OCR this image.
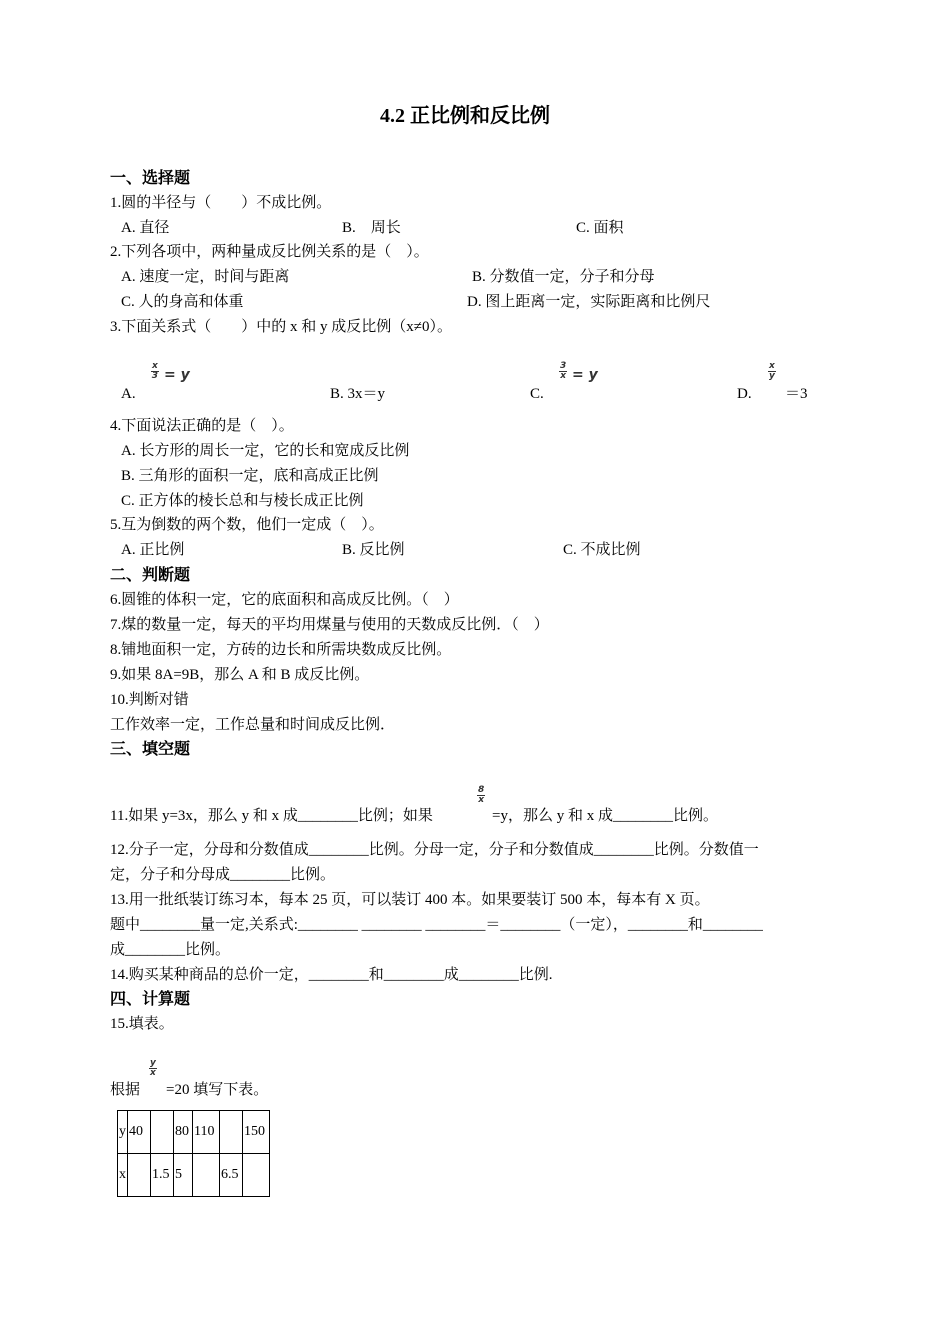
4.2 正比例和反比例
一、选择题
1.圆的半径与（　　）不成比例。
A. 直径	B.　周长	C. 面积
2.下列各项中，两种量成反比例关系的是（　）。
A. 速度一定，时间与距离	B. 分数值一定，分子和分母
C. 人的身高和体重	D. 图上距离一定，实际距离和比例尺
3.下面关系式（　　）中的 x 和 y 成反比例（x≠0）。
A.
$\frac{x}{3} = y$
B. 3x＝y	C.
$\frac{3}{x} = y$
D.
$\frac{x}{y}$
＝3
4.下面说法正确的是（　）。
A. 长方形的周长一定，它的长和宽成反比例
B. 三角形的面积一定，底和高成正比例
C. 正方体的棱长总和与棱长成正比例
5.互为倒数的两个数，他们一定成（　）。
A. 正比例	B. 反比例	C. 不成比例
二、判断题
6.圆锥的体积一定，它的底面积和高成反比例。（　）
7.煤的数量一定，每天的平均用煤量与使用的天数成反比例．（　）
8.铺地面积一定，方砖的边长和所需块数成反比例。
9.如果 8A=9B，那么 A 和 B 成反比例。
10.判断对错
工作效率一定，工作总量和时间成反比例．
三、填空题
11.如果 y=3x，那么 y 和 x 成________比例；如果
$\frac{8}{x}$
=y，那么 y 和 x 成________比例。
12.分子一定，分母和分数值成________比例。分母一定，分子和分数值成________比例。分数值一
定，分子和分母成________比例。
13.用一批纸装订练习本，每本 25 页，可以装订 400 本。如果要装订 500 本，每本有 X 页。
题中________量一定,关系式:________ ________ ________＝________（一定），________和________
成________比例。
14.购买某种商品的总价一定，________和________成________比例.
四、计算题
15.填表。
根据
$\frac{y}{x}$
=20 填写下表。
y	40		80	110		150
x		1.5	5		6.5	
